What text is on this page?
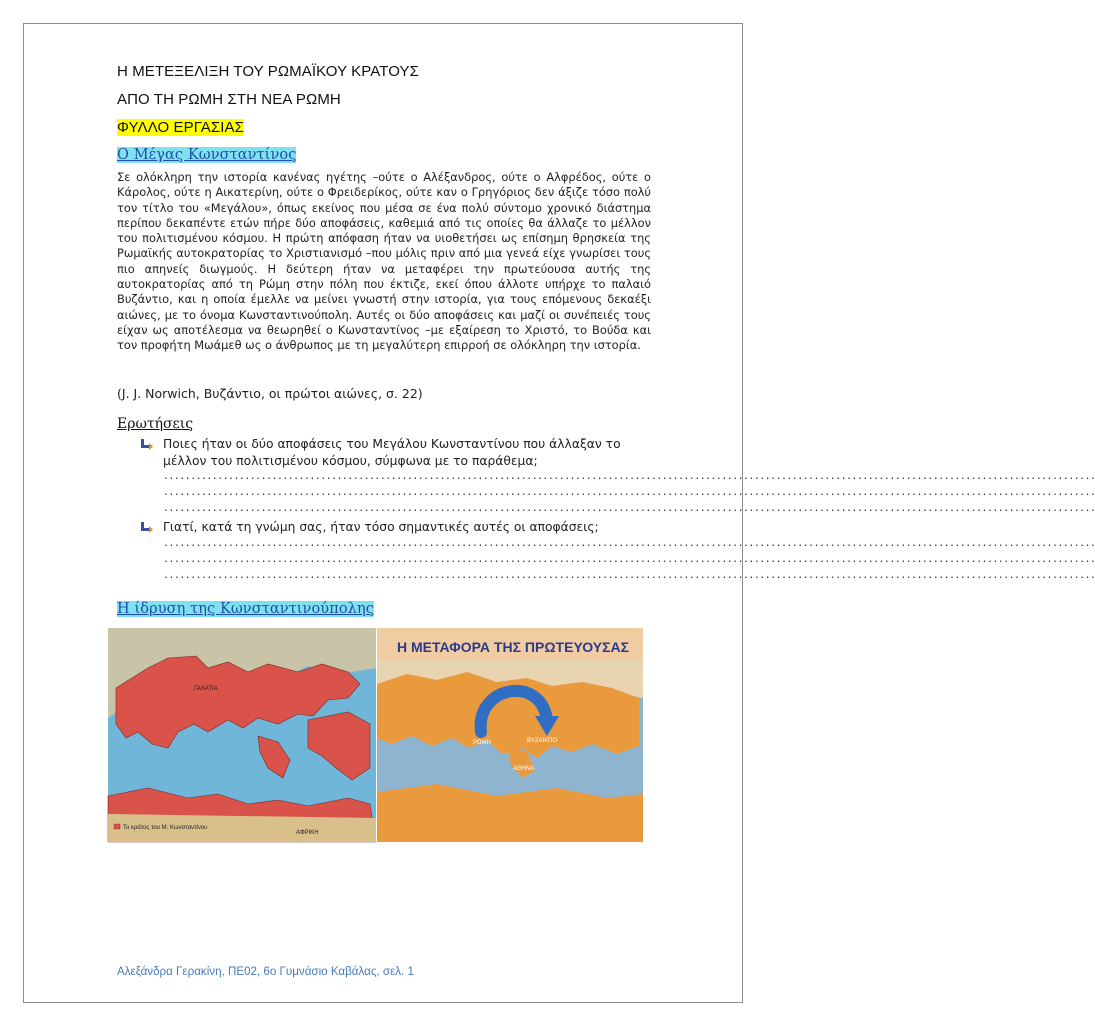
Η ΜΕΤΕΞΕΛΙΞΗ ΤΟΥ ΡΩΜΑΪΚΟΥ ΚΡΑΤΟΥΣ
ΑΠΟ ΤΗ ΡΩΜΗ ΣΤΗ ΝΕΑ ΡΩΜΗ
ΦΥΛΛΟ ΕΡΓΑΣΙΑΣ
Ο Μέγας Κωνσταντίνος
Σε ολόκληρη την ιστορία κανένας ηγέτης –ούτε ο Αλέξανδρος, ούτε ο Αλφρέδος, ούτε ο Κάρολος, ούτε η Αικατερίνη, ούτε ο Φρειδερίκος, ούτε καν ο Γρηγόριος δεν άξιζε τόσο πολύ τον τίτλο του «Μεγάλου», όπως εκείνος που μέσα σε ένα πολύ σύντομο χρονικό διάστημα περίπου δεκαπέντε ετών πήρε δύο αποφάσεις, καθεμιά από τις οποίες θα άλλαζε το μέλλον του πολιτισμένου κόσμου. Η πρώτη απόφαση ήταν να υιοθετήσει ως επίσημη θρησκεία της Ρωμαϊκής αυτοκρατορίας το Χριστιανισμό –που μόλις πριν από μια γενεά είχε γνωρίσει τους πιο απηνείς διωγμούς. Η δεύτερη ήταν να μεταφέρει την πρωτεύουσα αυτής της αυτοκρατορίας από τη Ρώμη στην πόλη που έκτιζε, εκεί όπου άλλοτε υπήρχε το παλαιό Βυζάντιο, και η οποία έμελλε να μείνει γνωστή στην ιστορία, για τους επόμενους δεκαέξι αιώνες, με το όνομα Κωνσταντινούπολη. Αυτές οι δύο αποφάσεις και μαζί οι συνέπειές τους είχαν ως αποτέλεσμα να θεωρηθεί ο Κωνσταντίνος –με εξαίρεση το Χριστό, το Βούδα και τον προφήτη Μωάμεθ ως ο άνθρωπος με τη μεγαλύτερη επιρροή σε ολόκληρη την ιστορία.
(J. J. Norwich, Βυζάντιο, οι πρώτοι αιώνες, σ. 22)
Ερωτήσεις
Ποιες ήταν οι δύο αποφάσεις του Μεγάλου Κωνσταντίνου που άλλαξαν το μέλλον του πολιτισμένου κόσμου, σύμφωνα με το παράθεμα;
............................................................................................................................................................................
............................................................................................................................................................................
............................................................................................................................................................................
Γιατί, κατά τη γνώμη σας, ήταν τόσο σημαντικές αυτές οι αποφάσεις;
............................................................................................................................................................................
............................................................................................................................................................................
............................................................................................................................................................................
Η ίδρυση της Κωνσταντινούπολης
ΓΑΛΑΤΙΑ
ΑΦΡΙΚΗ
Το κράτος του Μ. Κωνσταντίνου
Η ΜΕΤΑΦΟΡΑ ΤΗΣ ΠΡΩΤΕΥΟΥΣΑΣ
ΡΩΜΗ	ΒΥΖΑΝΤΙΟ
ΑΘΗΝΑ
Αλεξάνδρα Γερακίνη, ΠΕ02, 6ο Γυμνάσιο Καβάλας, σελ. 1
